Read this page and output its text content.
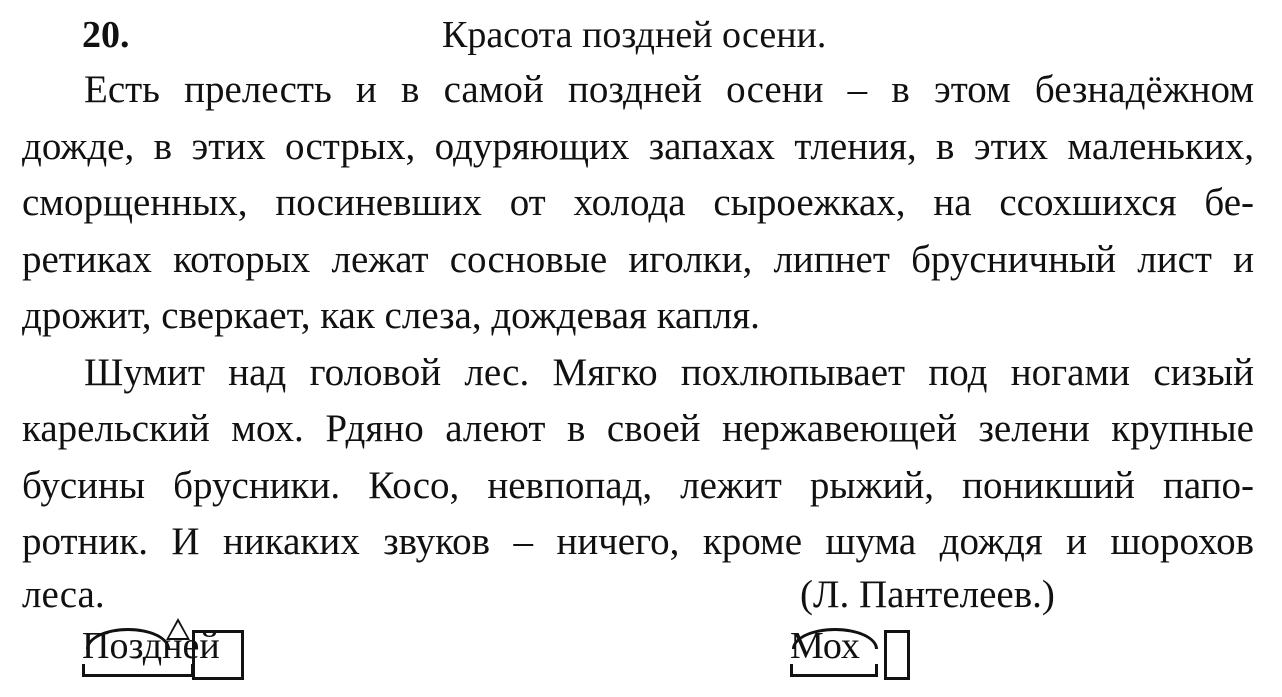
20.	Красота поздней осени.
Есть прелесть и в самой поздней осени – в этом безнадёжном
дожде, в этих острых, одуряющих запахах тления, в этих маленьких,
сморщенных, посиневших от холода сыроежках, на ссохшихся бе-
ретиках которых лежат сосновые иголки, липнет брусничный лист и
дрожит, сверкает, как слеза, дождевая капля.
Шумит над головой лес. Мягко похлюпывает под ногами сизый
карельский мох. Рдяно алеют в своей нержавеющей зелени крупные
бусины брусники. Косо, невпопад, лежит рыжий, поникший папо-
ротник. И никаких звуков – ничего, кроме шума дождя и шорохов
леса.	(Л. Пантелеев.)
Поздней	Мох
